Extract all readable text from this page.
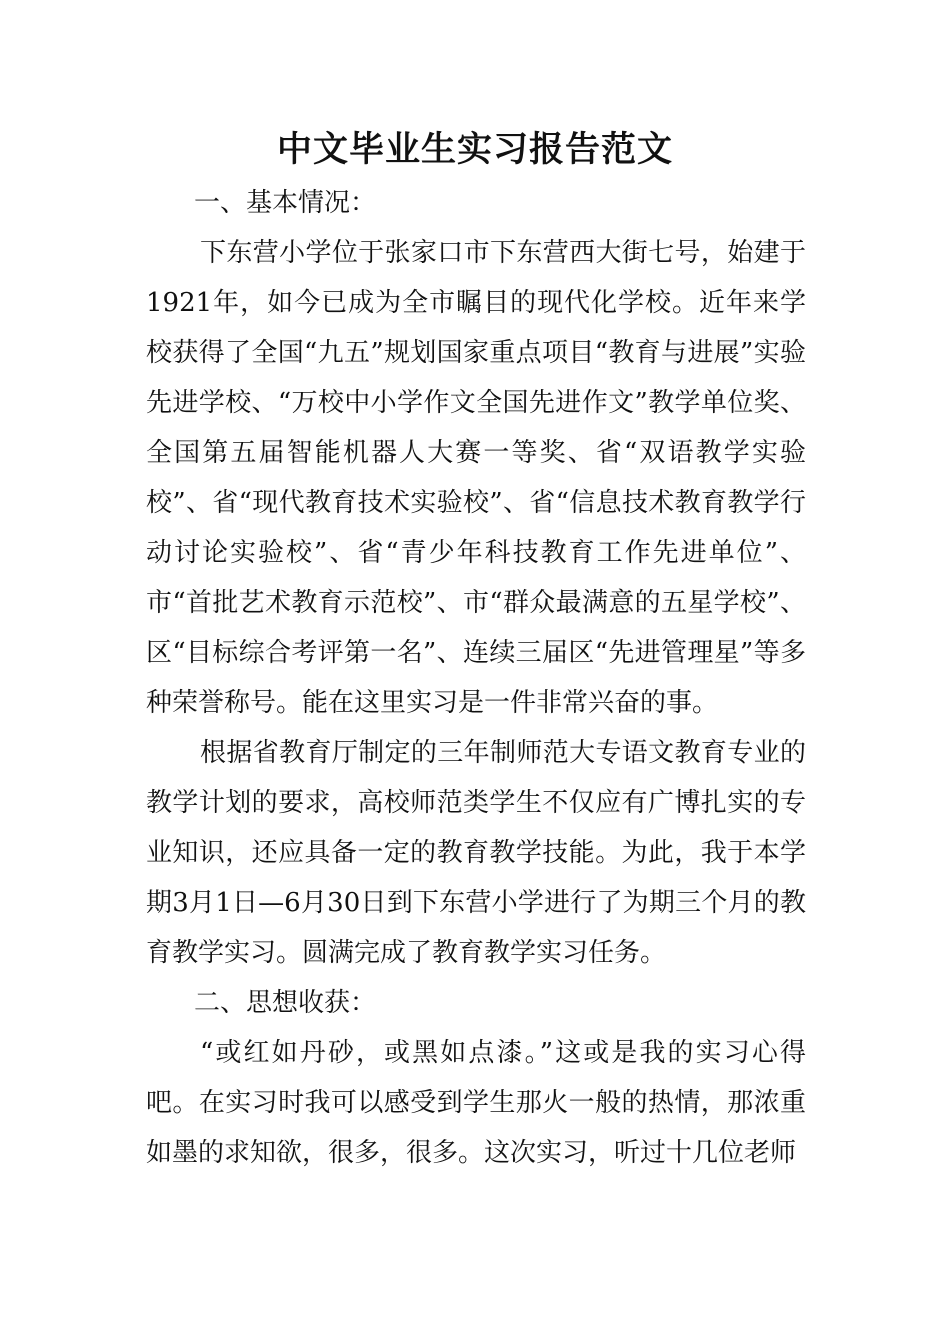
中文毕业生实习报告范文

一、基本情况：

下东营小学位于张家口市下东营西大街七号，始建于1921年，如今已成为全市瞩目的现代化学校。近年来学校获得了全国“九五”规划国家重点项目“教育与进展”实验先进学校、“万校中小学作文全国先进作文”教学单位奖、全国第五届智能机器人大赛一等奖、省“双语教学实验校”、省“现代教育技术实验校”、省“信息技术教育教学行动讨论实验校”、省“青少年科技教育工作先进单位”、市“首批艺术教育示范校”、市“群众最满意的五星学校”、区“目标综合考评第一名”、连续三届区“先进管理星”等多种荣誉称号。能在这里实习是一件非常兴奋的事。

根据省教育厅制定的三年制师范大专语文教育专业的教学计划的要求，高校师范类学生不仅应有广博扎实的专业知识，还应具备一定的教育教学技能。为此，我于本学期3月1日—6月30日到下东营小学进行了为期三个月的教育教学实习。圆满完成了教育教学实习任务。

二、思想收获：

“或红如丹砂，或黑如点漆。”这或是我的实习心得吧。在实习时我可以感受到学生那火一般的热情，那浓重如墨的求知欲，很多，很多。这次实习，听过十几位老师
